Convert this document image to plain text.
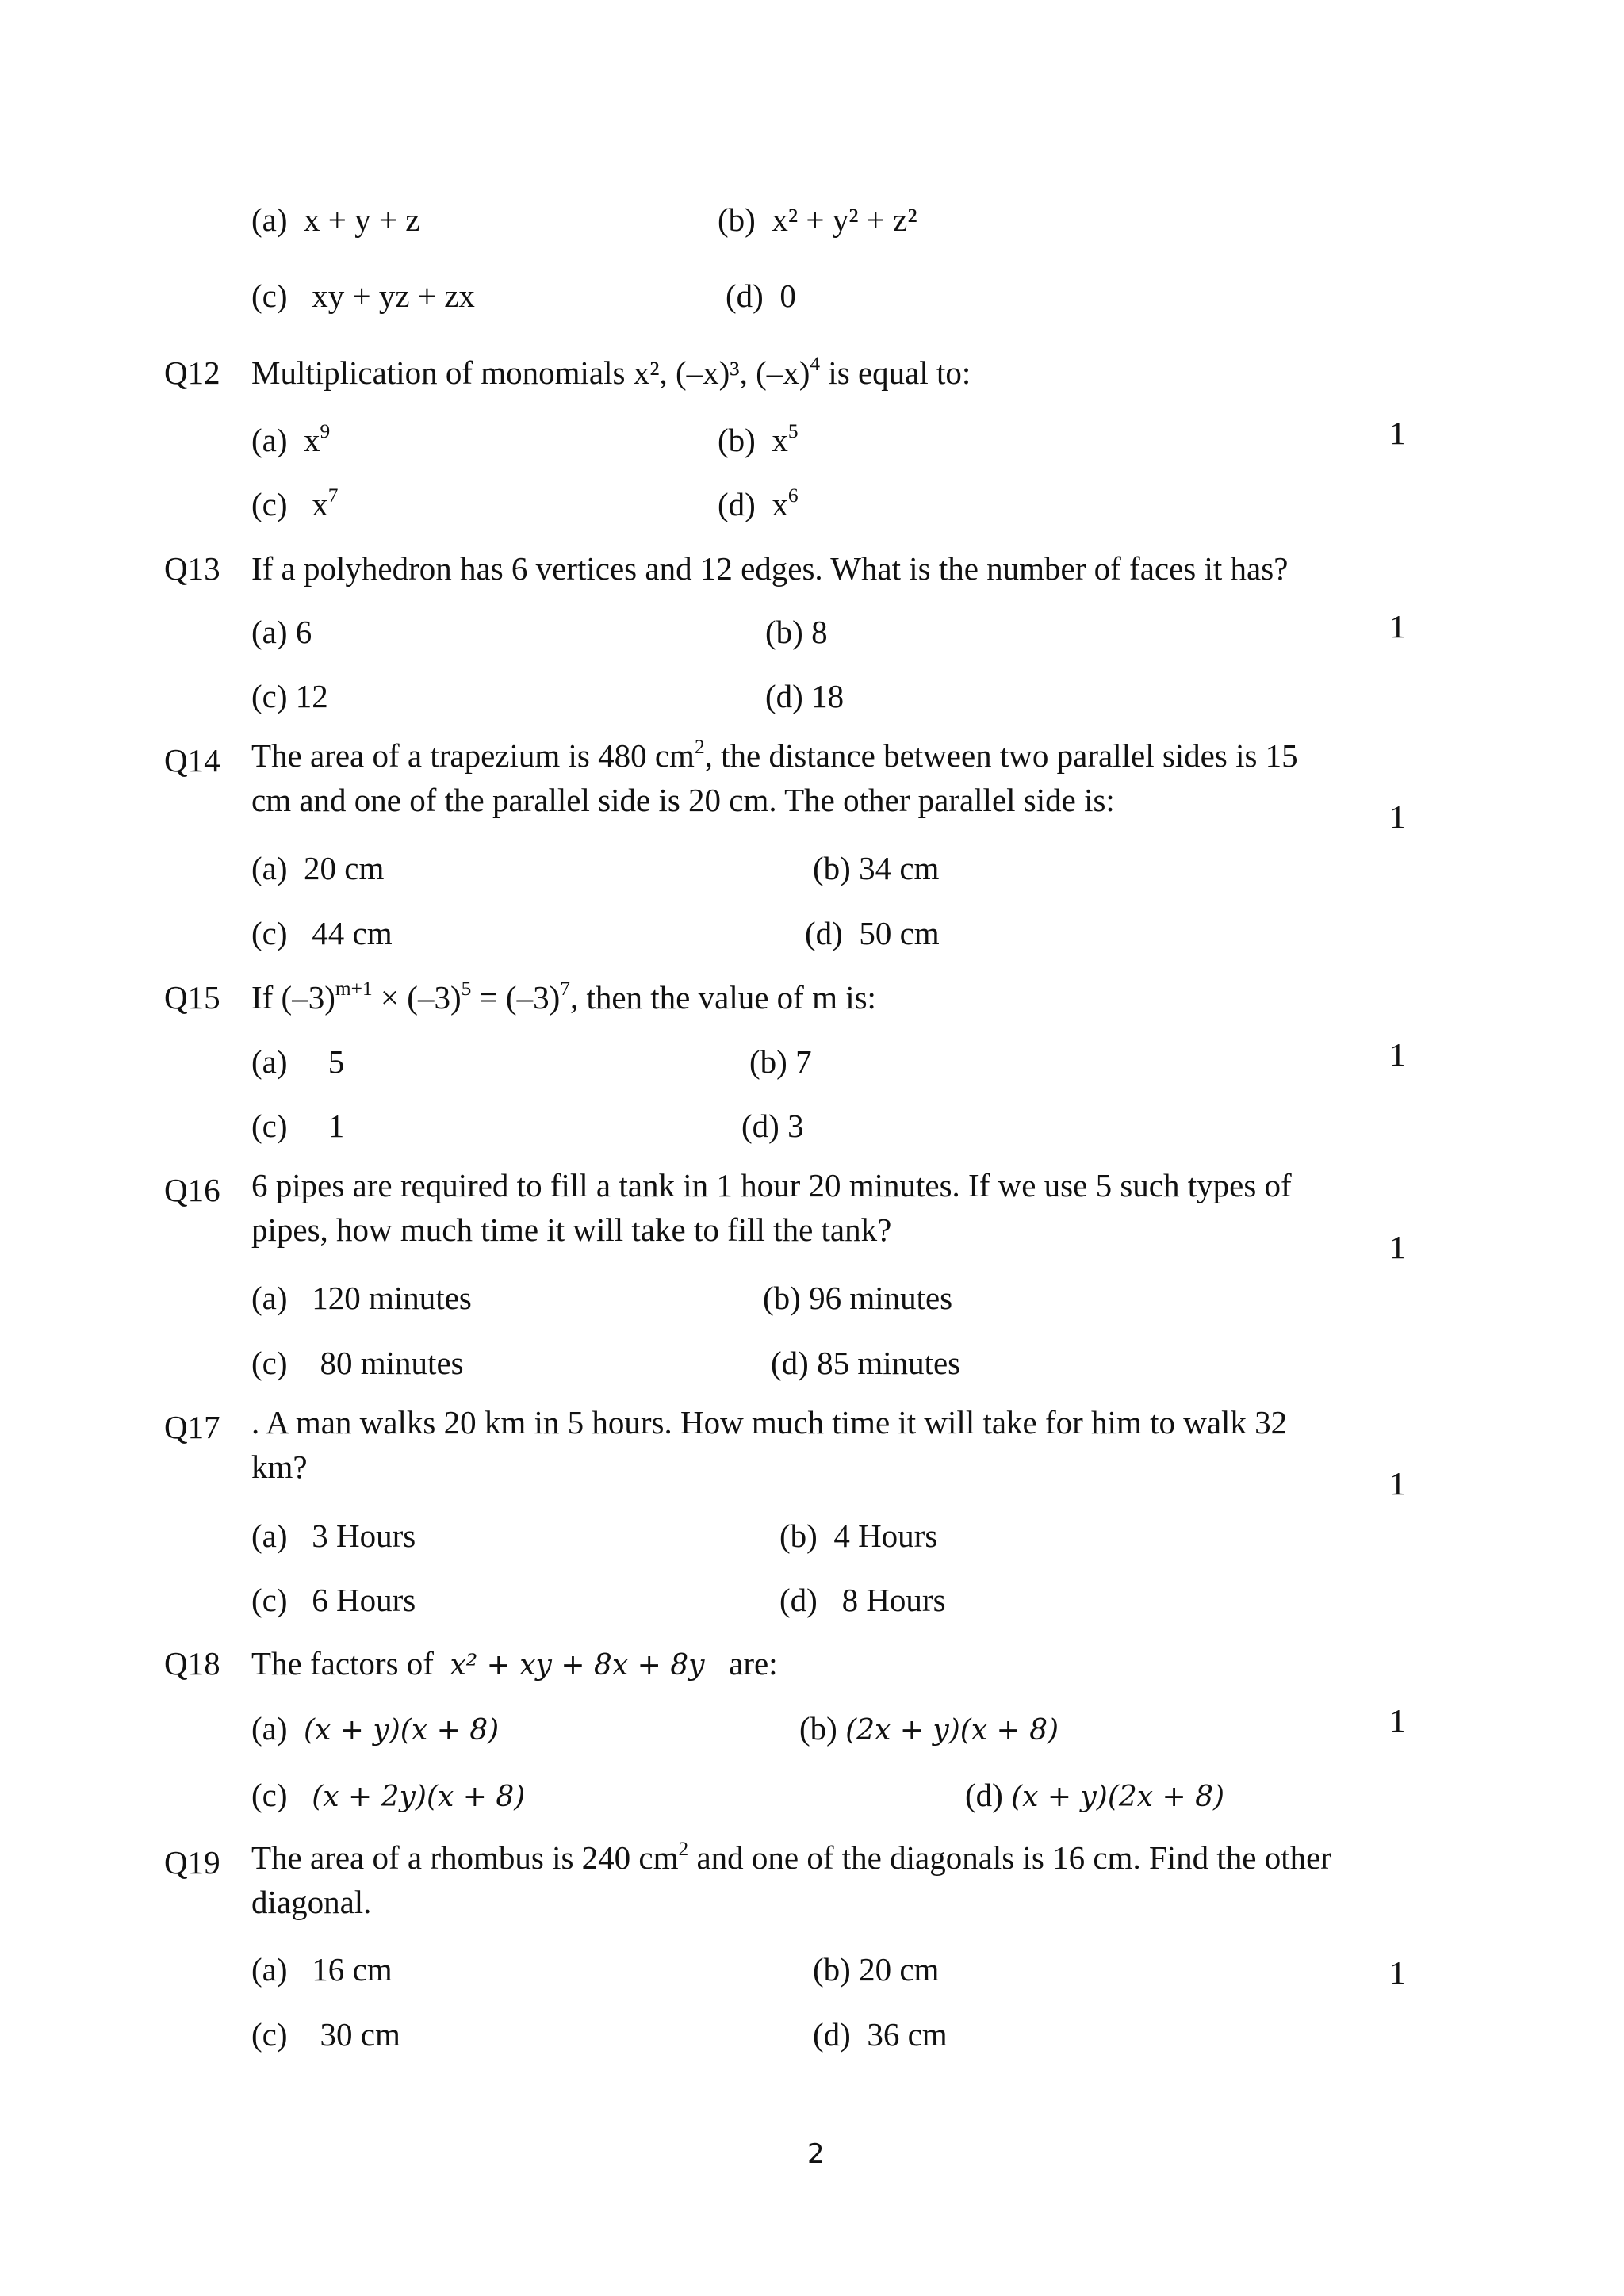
(a) x + y + z	(b) x² + y² + z²
(c) xy + yz + zx	(d) 0
Q12 Multiplication of monomials x², (–x)³, $(-x)^4$ is equal to:
1
(a) $x^9$	(b) $x^5$
(c) $x^7$	(d) $x^6$
Q13 If a polyhedron has 6 vertices and 12 edges. What is the number of faces it has?
1
(a) 6	(b) 8
(c) 12	(d) 18
Q14 The area of a trapezium is 480 $cm^2$, the distance between two parallel sides is 15 cm and one of the parallel side is 20 cm. The other parallel side is:	1
(a) 20 cm	(b) 34 cm
(c) 44 cm	(d) 50 cm
Q15 If $(-3)^{m+1} \times (-3)^5 = (-3)^7$, then the value of m is:
1
(a) 5	(b) 7
(c) 1	(d) 3
Q16 6 pipes are required to fill a tank in 1 hour 20 minutes. If we use 5 such types of pipes, how much time it will take to fill the tank?	1
(a) 120 minutes	(b) 96 minutes
(c) 80 minutes	(d) 85 minutes
Q17 . A man walks 20 km in 5 hours. How much time it will take for him to walk 32 km?	1
(a) 3 Hours	(b) 4 Hours
(c) 6 Hours	(d) 8 Hours
Q18 The factors of x² + xy + 8x + 8y are:
1
(a) (x + y)(x + 8)	(b) (2x + y)(x + 8)
(c) (x + 2y)(x + 8)	(d) (x + y)(2x + 8)
Q19 The area of a rhombus is 240 $cm^2$ and one of the diagonals is 16 cm. Find the other diagonal.
1
(a) 16 cm	(b) 20 cm
(c) 30 cm	(d) 36 cm
2
